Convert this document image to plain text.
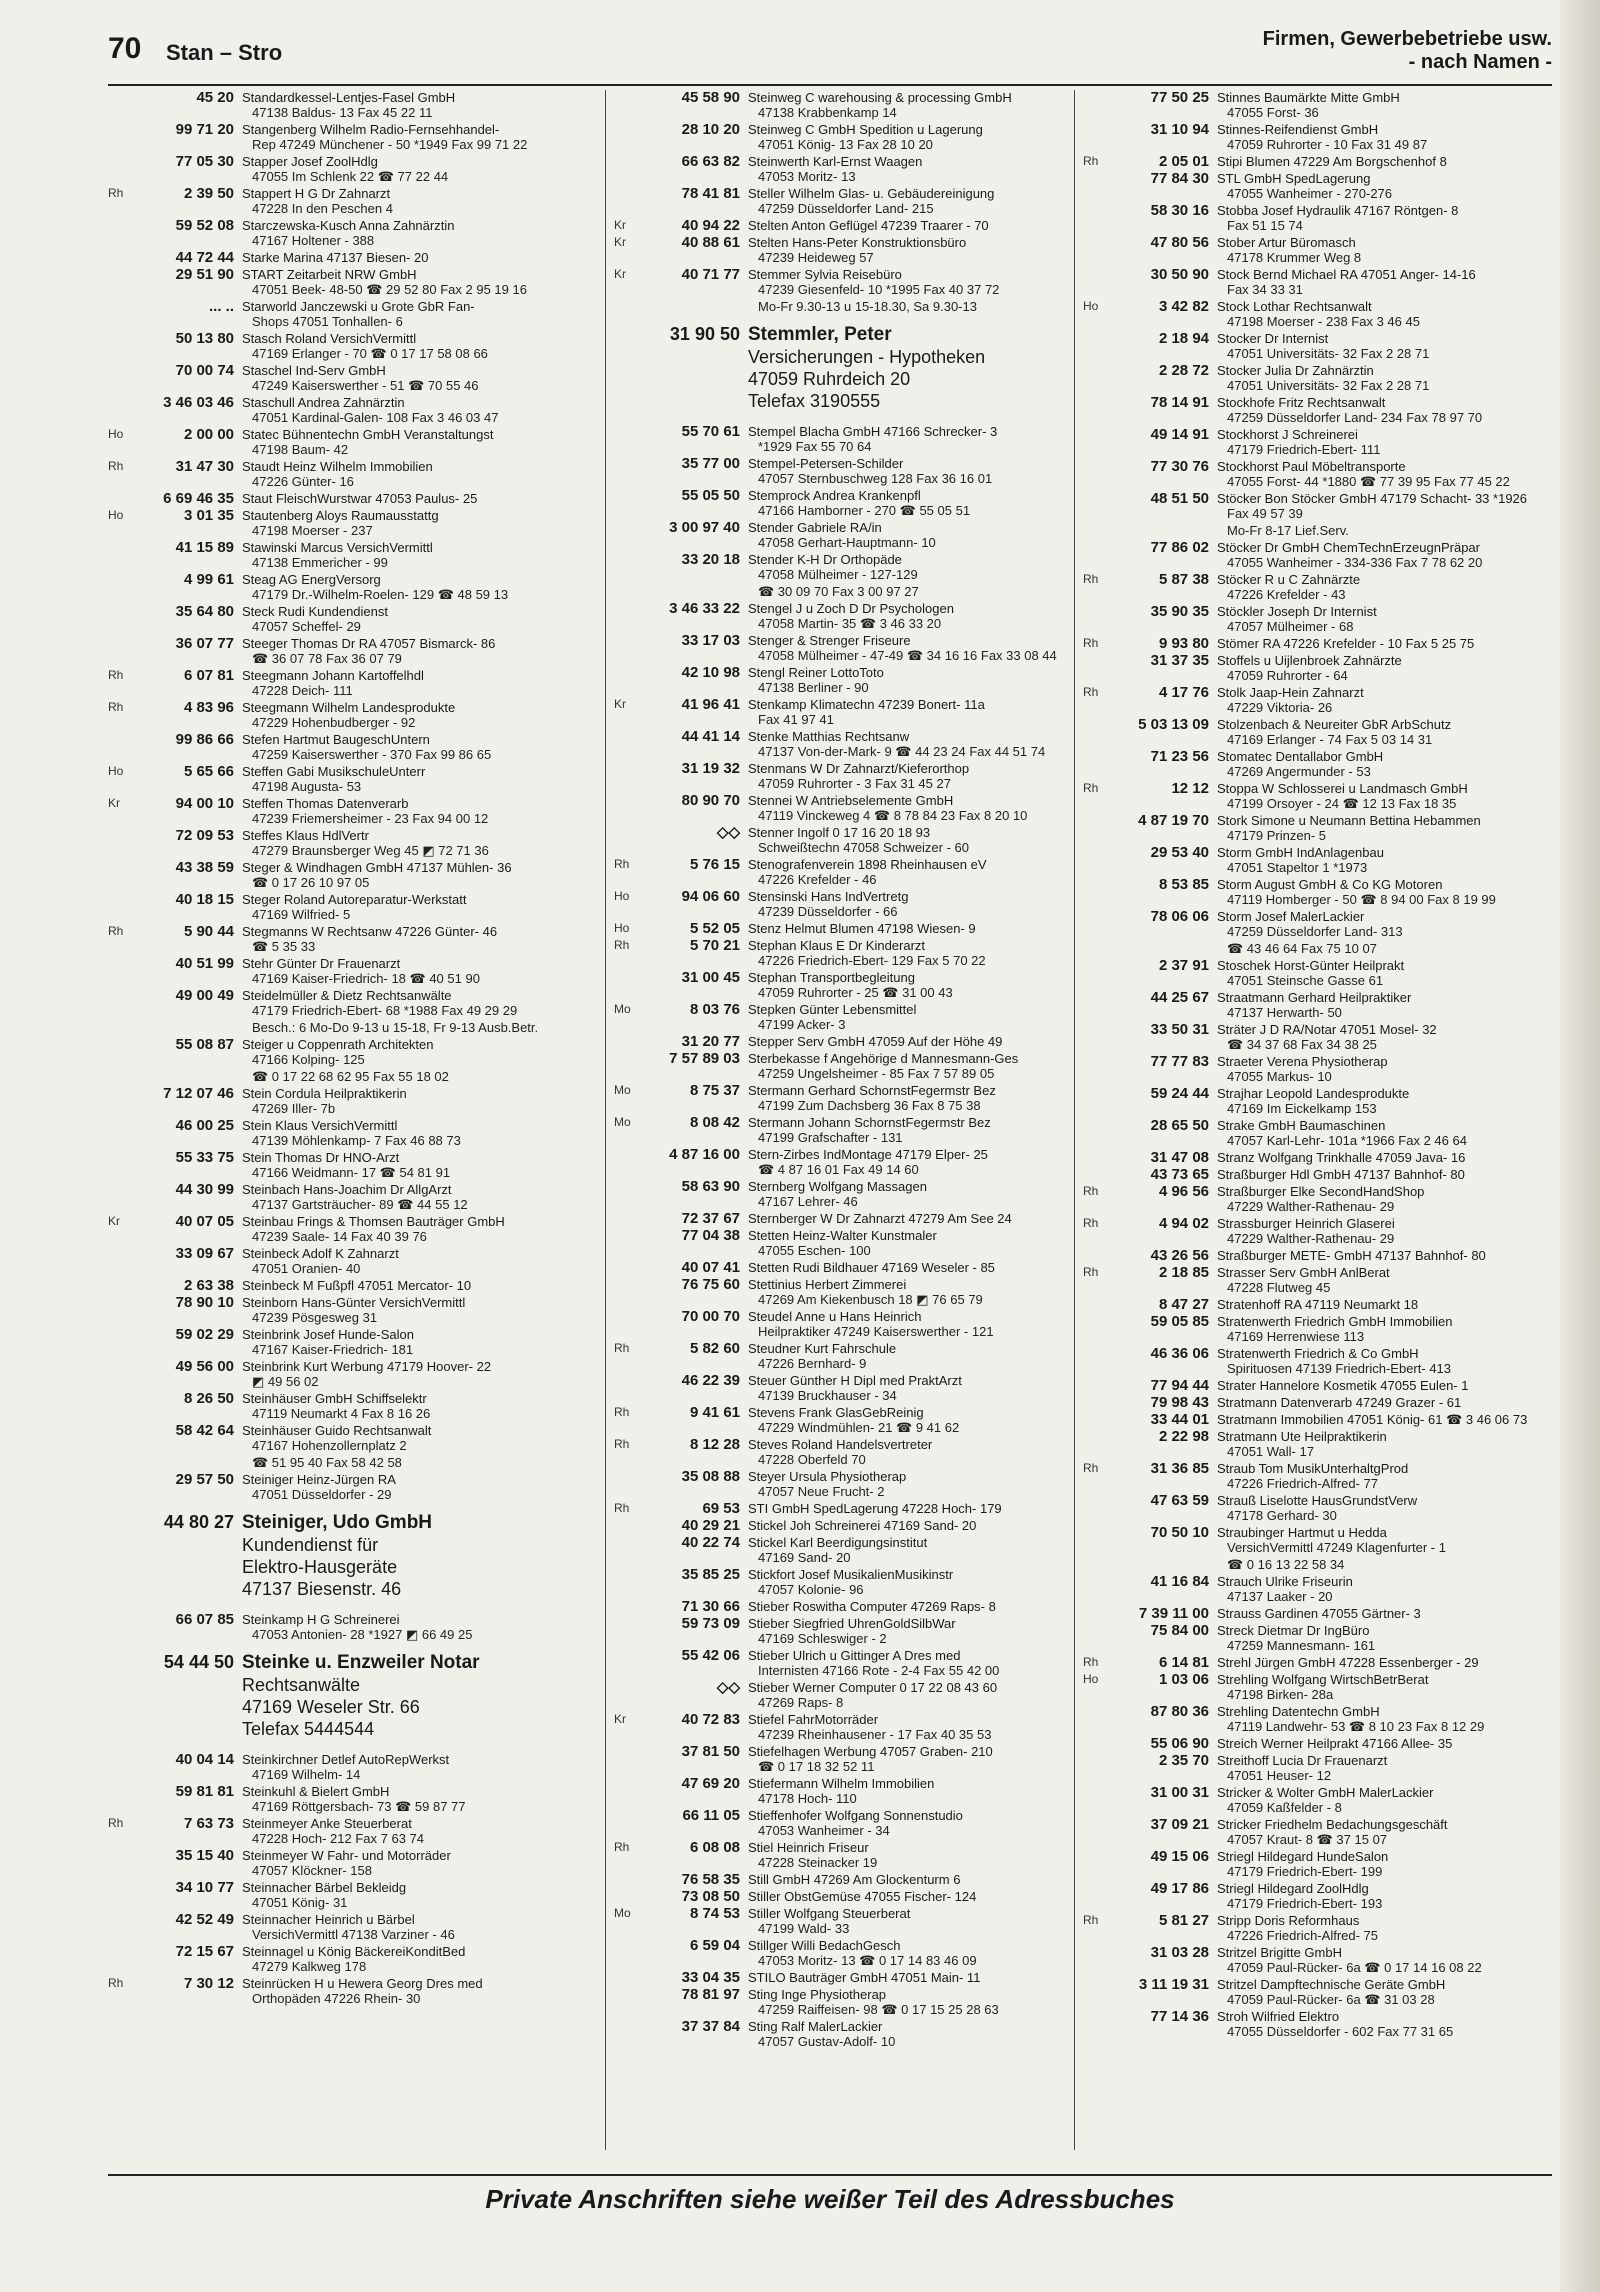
70 Stan – Stro
Firmen, Gewerbebetriebe usw.
- nach Namen -
45 20 Standardkessel-Lentjes-Fasel GmbH
47138 Baldus- 13 Fax 45 22 11
99 71 20 Stangenberg Wilhelm Radio-Fernsehhandel-
Rep 47249 Münchener - 50 *1949 Fax 99 71 22
77 05 30 Stapper Josef ZoolHdlg
47055 Im Schlenk 22 ☎ 77 22 44
Rh	2 39 50 Stappert H G Dr Zahnarzt
47228 In den Peschen 4
59 52 08 Starczewska-Kusch Anna Zahnärztin
47167 Holtener - 388
44 72 44 Starke Marina 47137 Biesen- 20
29 51 90 START Zeitarbeit NRW GmbH
47051 Beek- 48-50 ☎ 29 52 80 Fax 2 95 19 16
... .. Starworld Janczewski u Grote GbR Fan-
Shops 47051 Tonhallen- 6
50 13 80 Stasch Roland VersichVermittl
47169 Erlanger - 70 ☎ 0 17 17 58 08 66
70 00 74 Staschel Ind-Serv GmbH
47249 Kaiserswerther - 51 ☎ 70 55 46
3 46 03 46 Staschull Andrea Zahnärztin
47051 Kardinal-Galen- 108 Fax 3 46 03 47
Ho	2 00 00 Statec Bühnentechn GmbH Veranstaltungst
47198 Baum- 42
Rh	31 47 30 Staudt Heinz Wilhelm Immobilien
47226 Günter- 16
6 69 46 35 Staut FleischWurstwar 47053 Paulus- 25
Ho	3 01 35 Stautenberg Aloys Raumausstattg
47198 Moerser - 237
41 15 89 Stawinski Marcus VersichVermittl
47138 Emmericher - 99
4 99 61 Steag AG EnergVersorg
47179 Dr.-Wilhelm-Roelen- 129 ☎ 48 59 13
35 64 80 Steck Rudi Kundendienst
47057 Scheffel- 29
36 07 77 Steeger Thomas Dr RA 47057 Bismarck- 86
☎ 36 07 78 Fax 36 07 79
Rh	6 07 81 Steegmann Johann Kartoffelhdl
47228 Deich- 111
Rh	4 83 96 Steegmann Wilhelm Landesprodukte
47229 Hohenbudberger - 92
99 86 66 Stefen Hartmut BaugeschUntern
47259 Kaiserswerther - 370 Fax 99 86 65
Ho	5 65 66 Steffen Gabi MusikschuleUnterr
47198 Augusta- 53
Kr	94 00 10 Steffen Thomas Datenverarb
47239 Friemersheimer - 23 Fax 94 00 12
72 09 53 Steffes Klaus HdlVertr
47279 Braunsberger Weg 45 ◩ 72 71 36
43 38 59 Steger & Windhagen GmbH 47137 Mühlen- 36
☎ 0 17 26 10 97 05
40 18 15 Steger Roland Autoreparatur-Werkstatt
47169 Wilfried- 5
Rh	5 90 44 Stegmanns W Rechtsanw 47226 Günter- 46
☎ 5 35 33
40 51 99 Stehr Günter Dr Frauenarzt
47169 Kaiser-Friedrich- 18 ☎ 40 51 90
49 00 49 Steidelmüller & Dietz Rechtsanwälte
47179 Friedrich-Ebert- 68 *1988 Fax 49 29 29
Besch.: 6 Mo-Do 9-13 u 15-18, Fr 9-13 Ausb.Betr.
55 08 87 Steiger u Coppenrath Architekten
47166 Kolping- 125
☎ 0 17 22 68 62 95 Fax 55 18 02
7 12 07 46 Stein Cordula Heilpraktikerin
47269 Iller- 7b
46 00 25 Stein Klaus VersichVermittl
47139 Möhlenkamp- 7 Fax 46 88 73
55 33 75 Stein Thomas Dr HNO-Arzt
47166 Weidmann- 17 ☎ 54 81 91
44 30 99 Steinbach Hans-Joachim Dr AllgArzt
47137 Gartsträucher- 89 ☎ 44 55 12
Kr	40 07 05 Steinbau Frings & Thomsen Bauträger GmbH
47239 Saale- 14 Fax 40 39 76
33 09 67 Steinbeck Adolf K Zahnarzt
47051 Oranien- 40
2 63 38 Steinbeck M Fußpfl 47051 Mercator- 10
78 90 10 Steinborn Hans-Günter VersichVermittl
47239 Pösgesweg 31
59 02 29 Steinbrink Josef Hunde-Salon
47167 Kaiser-Friedrich- 181
49 56 00 Steinbrink Kurt Werbung 47179 Hoover- 22
◩ 49 56 02
8 26 50 Steinhäuser GmbH Schiffselektr
47119 Neumarkt 4 Fax 8 16 26
58 42 64 Steinhäuser Guido Rechtsanwalt
47167 Hohenzollernplatz 2
☎ 51 95 40 Fax 58 42 58
29 57 50 Steiniger Heinz-Jürgen RA
47051 Düsseldorfer - 29
44 80 27 Steiniger, Udo GmbH
Kundendienst für
Elektro-Hausgeräte
47137 Biesenstr. 46
66 07 85 Steinkamp H G Schreinerei
47053 Antonien- 28 *1927 ◩ 66 49 25
54 44 50 Steinke u. Enzweiler Notar
Rechtsanwälte
47169 Weseler Str. 66
Telefax 5444544
40 04 14 Steinkirchner Detlef AutoRepWerkst
47169 Wilhelm- 14
59 81 81 Steinkuhl & Bielert GmbH
47169 Röttgersbach- 73 ☎ 59 87 77
Rh	7 63 73 Steinmeyer Anke Steuerberat
47228 Hoch- 212 Fax 7 63 74
35 15 40 Steinmeyer W Fahr- und Motorräder
47057 Klöckner- 158
34 10 77 Steinnacher Bärbel Bekleidg
47051 König- 31
42 52 49 Steinnacher Heinrich u Bärbel
VersichVermittl 47138 Varziner - 46
72 15 67 Steinnagel u König BäckereiKonditBed
47279 Kalkweg 178
Rh	7 30 12 Steinrücken H u Hewera Georg Dres med
Orthopäden 47226 Rhein- 30
45 58 90 Steinweg C warehousing & processing GmbH
47138 Krabbenkamp 14
28 10 20 Steinweg C GmbH Spedition u Lagerung
47051 König- 13 Fax 28 10 20
66 63 82 Steinwerth Karl-Ernst Waagen
47053 Moritz- 13
78 41 81 Steller Wilhelm Glas- u. Gebäudereinigung
47259 Düsseldorfer Land- 215
Kr	40 94 22 Stelten Anton Geflügel 47239 Traarer - 70
Kr	40 88 61 Stelten Hans-Peter Konstruktionsbüro
47239 Heideweg 57
Kr	40 71 77 Stemmer Sylvia Reisebüro
47239 Giesenfeld- 10 *1995 Fax 40 37 72
Mo-Fr 9.30-13 u 15-18.30, Sa 9.30-13
31 90 50 Stemmler, Peter
Versicherungen - Hypotheken
47059 Ruhrdeich 20
Telefax 3190555
55 70 61 Stempel Blacha GmbH 47166 Schrecker- 3
*1929 Fax 55 70 64
35 77 00 Stempel-Petersen-Schilder
47057 Sternbuschweg 128 Fax 36 16 01
55 05 50 Stemprock Andrea Krankenpfl
47166 Hamborner - 270 ☎ 55 05 51
3 00 97 40 Stender Gabriele RA/in
47058 Gerhart-Hauptmann- 10
33 20 18 Stender K-H Dr Orthopäde
47058 Mülheimer - 127-129
☎ 30 09 70 Fax 3 00 97 27
3 46 33 22 Stengel J u Zoch D Dr Psychologen
47058 Martin- 35 ☎ 3 46 33 20
33 17 03 Stenger & Strenger Friseure
47058 Mülheimer - 47-49 ☎ 34 16 16 Fax 33 08 44
42 10 98 Stengl Reiner LottoToto
47138 Berliner - 90
Kr	41 96 41 Stenkamp Klimatechn 47239 Bonert- 11a
Fax 41 97 41
44 41 14 Stenke Matthias Rechtsanw
47137 Von-der-Mark- 9 ☎ 44 23 24 Fax 44 51 74
31 19 32 Stenmans W Dr Zahnarzt/Kieferorthop
47059 Ruhrorter - 3 Fax 31 45 27
80 90 70 Stennei W Antriebselemente GmbH
47119 Vinckeweg 4 ☎ 8 78 84 23 Fax 8 20 10
◇◇ Stenner Ingolf 0 17 16 20 18 93
Schweißtechn 47058 Schweizer - 60
Rh	5 76 15 Stenografenverein 1898 Rheinhausen eV
47226 Krefelder - 46
Ho	94 06 60 Stensinski Hans IndVertretg
47239 Düsseldorfer - 66
Ho	5 52 05 Stenz Helmut Blumen 47198 Wiesen- 9
Rh	5 70 21 Stephan Klaus E Dr Kinderarzt
47226 Friedrich-Ebert- 129 Fax 5 70 22
31 00 45 Stephan Transportbegleitung
47059 Ruhrorter - 25 ☎ 31 00 43
Mo	8 03 76 Stepken Günter Lebensmittel
47199 Acker- 3
31 20 77 Stepper Serv GmbH 47059 Auf der Höhe 49
7 57 89 03 Sterbekasse f Angehörige d Mannesmann-Ges
47259 Ungelsheimer - 85 Fax 7 57 89 05
Mo	8 75 37 Stermann Gerhard SchornstFegermstr Bez
47199 Zum Dachsberg 36 Fax 8 75 38
Mo	8 08 42 Stermann Johann SchornstFegermstr Bez
47199 Grafschafter - 131
4 87 16 00 Stern-Zirbes IndMontage 47179 Elper- 25
☎ 4 87 16 01 Fax 49 14 60
58 63 90 Sternberg Wolfgang Massagen
47167 Lehrer- 46
72 37 67 Sternberger W Dr Zahnarzt 47279 Am See 24
77 04 38 Stetten Heinz-Walter Kunstmaler
47055 Eschen- 100
40 07 41 Stetten Rudi Bildhauer 47169 Weseler - 85
76 75 60 Stettinius Herbert Zimmerei
47269 Am Kiekenbusch 18 ◩ 76 65 79
70 00 70 Steudel Anne u Hans Heinrich
Heilpraktiker 47249 Kaiserswerther - 121
Rh	5 82 60 Steudner Kurt Fahrschule
47226 Bernhard- 9
46 22 39 Steuer Günther H Dipl med PraktArzt
47139 Bruckhauser - 34
Rh	9 41 61 Stevens Frank GlasGebReinig
47229 Windmühlen- 21 ☎ 9 41 62
Rh	8 12 28 Steves Roland Handelsvertreter
47228 Oberfeld 70
35 08 88 Steyer Ursula Physiotherap
47057 Neue Frucht- 2
Rh	69 53 STI GmbH SpedLagerung 47228 Hoch- 179
40 29 21 Stickel Joh Schreinerei 47169 Sand- 20
40 22 74 Stickel Karl Beerdigungsinstitut
47169 Sand- 20
35 85 25 Stickfort Josef MusikalienMusikinstr
47057 Kolonie- 96
71 30 66 Stieber Roswitha Computer 47269 Raps- 8
59 73 09 Stieber Siegfried UhrenGoldSilbWar
47169 Schleswiger - 2
55 42 06 Stieber Ulrich u Gittinger A Dres med
Internisten 47166 Rote - 2-4 Fax 55 42 00
◇◇ Stieber Werner Computer 0 17 22 08 43 60
47269 Raps- 8
Kr	40 72 83 Stiefel FahrMotorräder
47239 Rheinhausener - 17 Fax 40 35 53
37 81 50 Stiefelhagen Werbung 47057 Graben- 210
☎ 0 17 18 32 52 11
47 69 20 Stiefermann Wilhelm Immobilien
47178 Hoch- 110
66 11 05 Stieffenhofer Wolfgang Sonnenstudio
47053 Wanheimer - 34
Rh	6 08 08 Stiel Heinrich Friseur
47228 Steinacker 19
76 58 35 Still GmbH 47269 Am Glockenturm 6
73 08 50 Stiller ObstGemüse 47055 Fischer- 124
Mo	8 74 53 Stiller Wolfgang Steuerberat
47199 Wald- 33
6 59 04 Stillger Willi BedachGesch
47053 Moritz- 13 ☎ 0 17 14 83 46 09
33 04 35 STILO Bauträger GmbH 47051 Main- 11
78 81 97 Sting Inge Physiotherap
47259 Raiffeisen- 98 ☎ 0 17 15 25 28 63
37 37 84 Sting Ralf MalerLackier
47057 Gustav-Adolf- 10
77 50 25 Stinnes Baumärkte Mitte GmbH
47055 Forst- 36
31 10 94 Stinnes-Reifendienst GmbH
47059 Ruhrorter - 10 Fax 31 49 87
Rh	2 05 01 Stipi Blumen 47229 Am Borgschenhof 8
77 84 30 STL GmbH SpedLagerung
47055 Wanheimer - 270-276
58 30 16 Stobba Josef Hydraulik 47167 Röntgen- 8
Fax 51 15 74
47 80 56 Stober Artur Büromasch
47178 Krummer Weg 8
30 50 90 Stock Bernd Michael RA 47051 Anger- 14-16
Fax 34 33 31
Ho	3 42 82 Stock Lothar Rechtsanwalt
47198 Moerser - 238 Fax 3 46 45
2 18 94 Stocker Dr Internist
47051 Universitäts- 32 Fax 2 28 71
2 28 72 Stocker Julia Dr Zahnärztin
47051 Universitäts- 32 Fax 2 28 71
78 14 91 Stockhofe Fritz Rechtsanwalt
47259 Düsseldorfer Land- 234 Fax 78 97 70
49 14 91 Stockhorst J Schreinerei
47179 Friedrich-Ebert- 111
77 30 76 Stockhorst Paul Möbeltransporte
47055 Forst- 44 *1880 ☎ 77 39 95 Fax 77 45 22
48 51 50 Stöcker Bon Stöcker GmbH 47179 Schacht- 33 *1926
Fax 49 57 39
Mo-Fr 8-17 Lief.Serv.
77 86 02 Stöcker Dr GmbH ChemTechnErzeugnPräpar
47055 Wanheimer - 334-336 Fax 7 78 62 20
Rh	5 87 38 Stöcker R u C Zahnärzte
47226 Krefelder - 43
35 90 35 Stöckler Joseph Dr Internist
47057 Mülheimer - 68
Rh	9 93 80 Stömer RA 47226 Krefelder - 10 Fax 5 25 75
31 37 35 Stoffels u Uijlenbroek Zahnärzte
47059 Ruhrorter - 64
Rh	4 17 76 Stolk Jaap-Hein Zahnarzt
47229 Viktoria- 26
5 03 13 09 Stolzenbach & Neureiter GbR ArbSchutz
47169 Erlanger - 74 Fax 5 03 14 31
71 23 56 Stomatec Dentallabor GmbH
47269 Angermunder - 53
Rh	12 12 Stoppa W Schlosserei u Landmasch GmbH
47199 Orsoyer - 24 ☎ 12 13 Fax 18 35
4 87 19 70 Stork Simone u Neumann Bettina Hebammen
47179 Prinzen- 5
29 53 40 Storm GmbH IndAnlagenbau
47051 Stapeltor 1 *1973
8 53 85 Storm August GmbH & Co KG Motoren
47119 Homberger - 50 ☎ 8 94 00 Fax 8 19 99
78 06 06 Storm Josef MalerLackier
47259 Düsseldorfer Land- 313
☎ 43 46 64 Fax 75 10 07
2 37 91 Stoschek Horst-Günter Heilprakt
47051 Steinsche Gasse 61
44 25 67 Straatmann Gerhard Heilpraktiker
47137 Herwarth- 50
33 50 31 Sträter J D RA/Notar 47051 Mosel- 32
☎ 34 37 68 Fax 34 38 25
77 77 83 Straeter Verena Physiotherap
47055 Markus- 10
59 24 44 Strajhar Leopold Landesprodukte
47169 Im Eickelkamp 153
28 65 50 Strake GmbH Baumaschinen
47057 Karl-Lehr- 101a *1966 Fax 2 46 64
31 47 08 Stranz Wolfgang Trinkhalle 47059 Java- 16
43 73 65 Straßburger Hdl GmbH 47137 Bahnhof- 80
Rh	4 96 56 Straßburger Elke SecondHandShop
47229 Walther-Rathenau- 29
Rh	4 94 02 Strassburger Heinrich Glaserei
47229 Walther-Rathenau- 29
43 26 56 Straßburger METE- GmbH 47137 Bahnhof- 80
Rh	2 18 85 Strasser Serv GmbH AnlBerat
47228 Flutweg 45
8 47 27 Stratenhoff RA 47119 Neumarkt 18
59 05 85 Stratenwerth Friedrich GmbH Immobilien
47169 Herrenwiese 113
46 36 06 Stratenwerth Friedrich & Co GmbH
Spirituosen 47139 Friedrich-Ebert- 413
77 94 44 Strater Hannelore Kosmetik 47055 Eulen- 1
79 98 43 Stratmann Datenverarb 47249 Grazer - 61
33 44 01 Stratmann Immobilien 47051 König- 61 ☎ 3 46 06 73
2 22 98 Stratmann Ute Heilpraktikerin
47051 Wall- 17
Rh	31 36 85 Straub Tom MusikUnterhaltgProd
47226 Friedrich-Alfred- 77
47 63 59 Strauß Liselotte HausGrundstVerw
47178 Gerhard- 30
70 50 10 Straubinger Hartmut u Hedda
VersichVermittl 47249 Klagenfurter - 1
☎ 0 16 13 22 58 34
41 16 84 Strauch Ulrike Friseurin
47137 Laaker - 20
7 39 11 00 Strauss Gardinen 47055 Gärtner- 3
75 84 00 Streck Dietmar Dr IngBüro
47259 Mannesmann- 161
Rh	6 14 81 Strehl Jürgen GmbH 47228 Essenberger - 29
Ho	1 03 06 Strehling Wolfgang WirtschBetrBerat
47198 Birken- 28a
87 80 36 Strehling Datentechn GmbH
47119 Landwehr- 53 ☎ 8 10 23 Fax 8 12 29
55 06 90 Streich Werner Heilprakt 47166 Allee- 35
2 35 70 Streithoff Lucia Dr Frauenarzt
47051 Heuser- 12
31 00 31 Stricker & Wolter GmbH MalerLackier
47059 Kaßfelder - 8
37 09 21 Stricker Friedhelm Bedachungsgeschäft
47057 Kraut- 8 ☎ 37 15 07
49 15 06 Striegl Hildegard HundeSalon
47179 Friedrich-Ebert- 199
49 17 86 Striegl Hildegard ZoolHdlg
47179 Friedrich-Ebert- 193
Rh	5 81 27 Stripp Doris Reformhaus
47226 Friedrich-Alfred- 75
31 03 28 Stritzel Brigitte GmbH
47059 Paul-Rücker- 6a ☎ 0 17 14 16 08 22
3 11 19 31 Stritzel Dampftechnische Geräte GmbH
47059 Paul-Rücker- 6a ☎ 31 03 28
77 14 36 Stroh Wilfried Elektro
47055 Düsseldorfer - 602 Fax 77 31 65
Private Anschriften siehe weißer Teil des Adressbuches
